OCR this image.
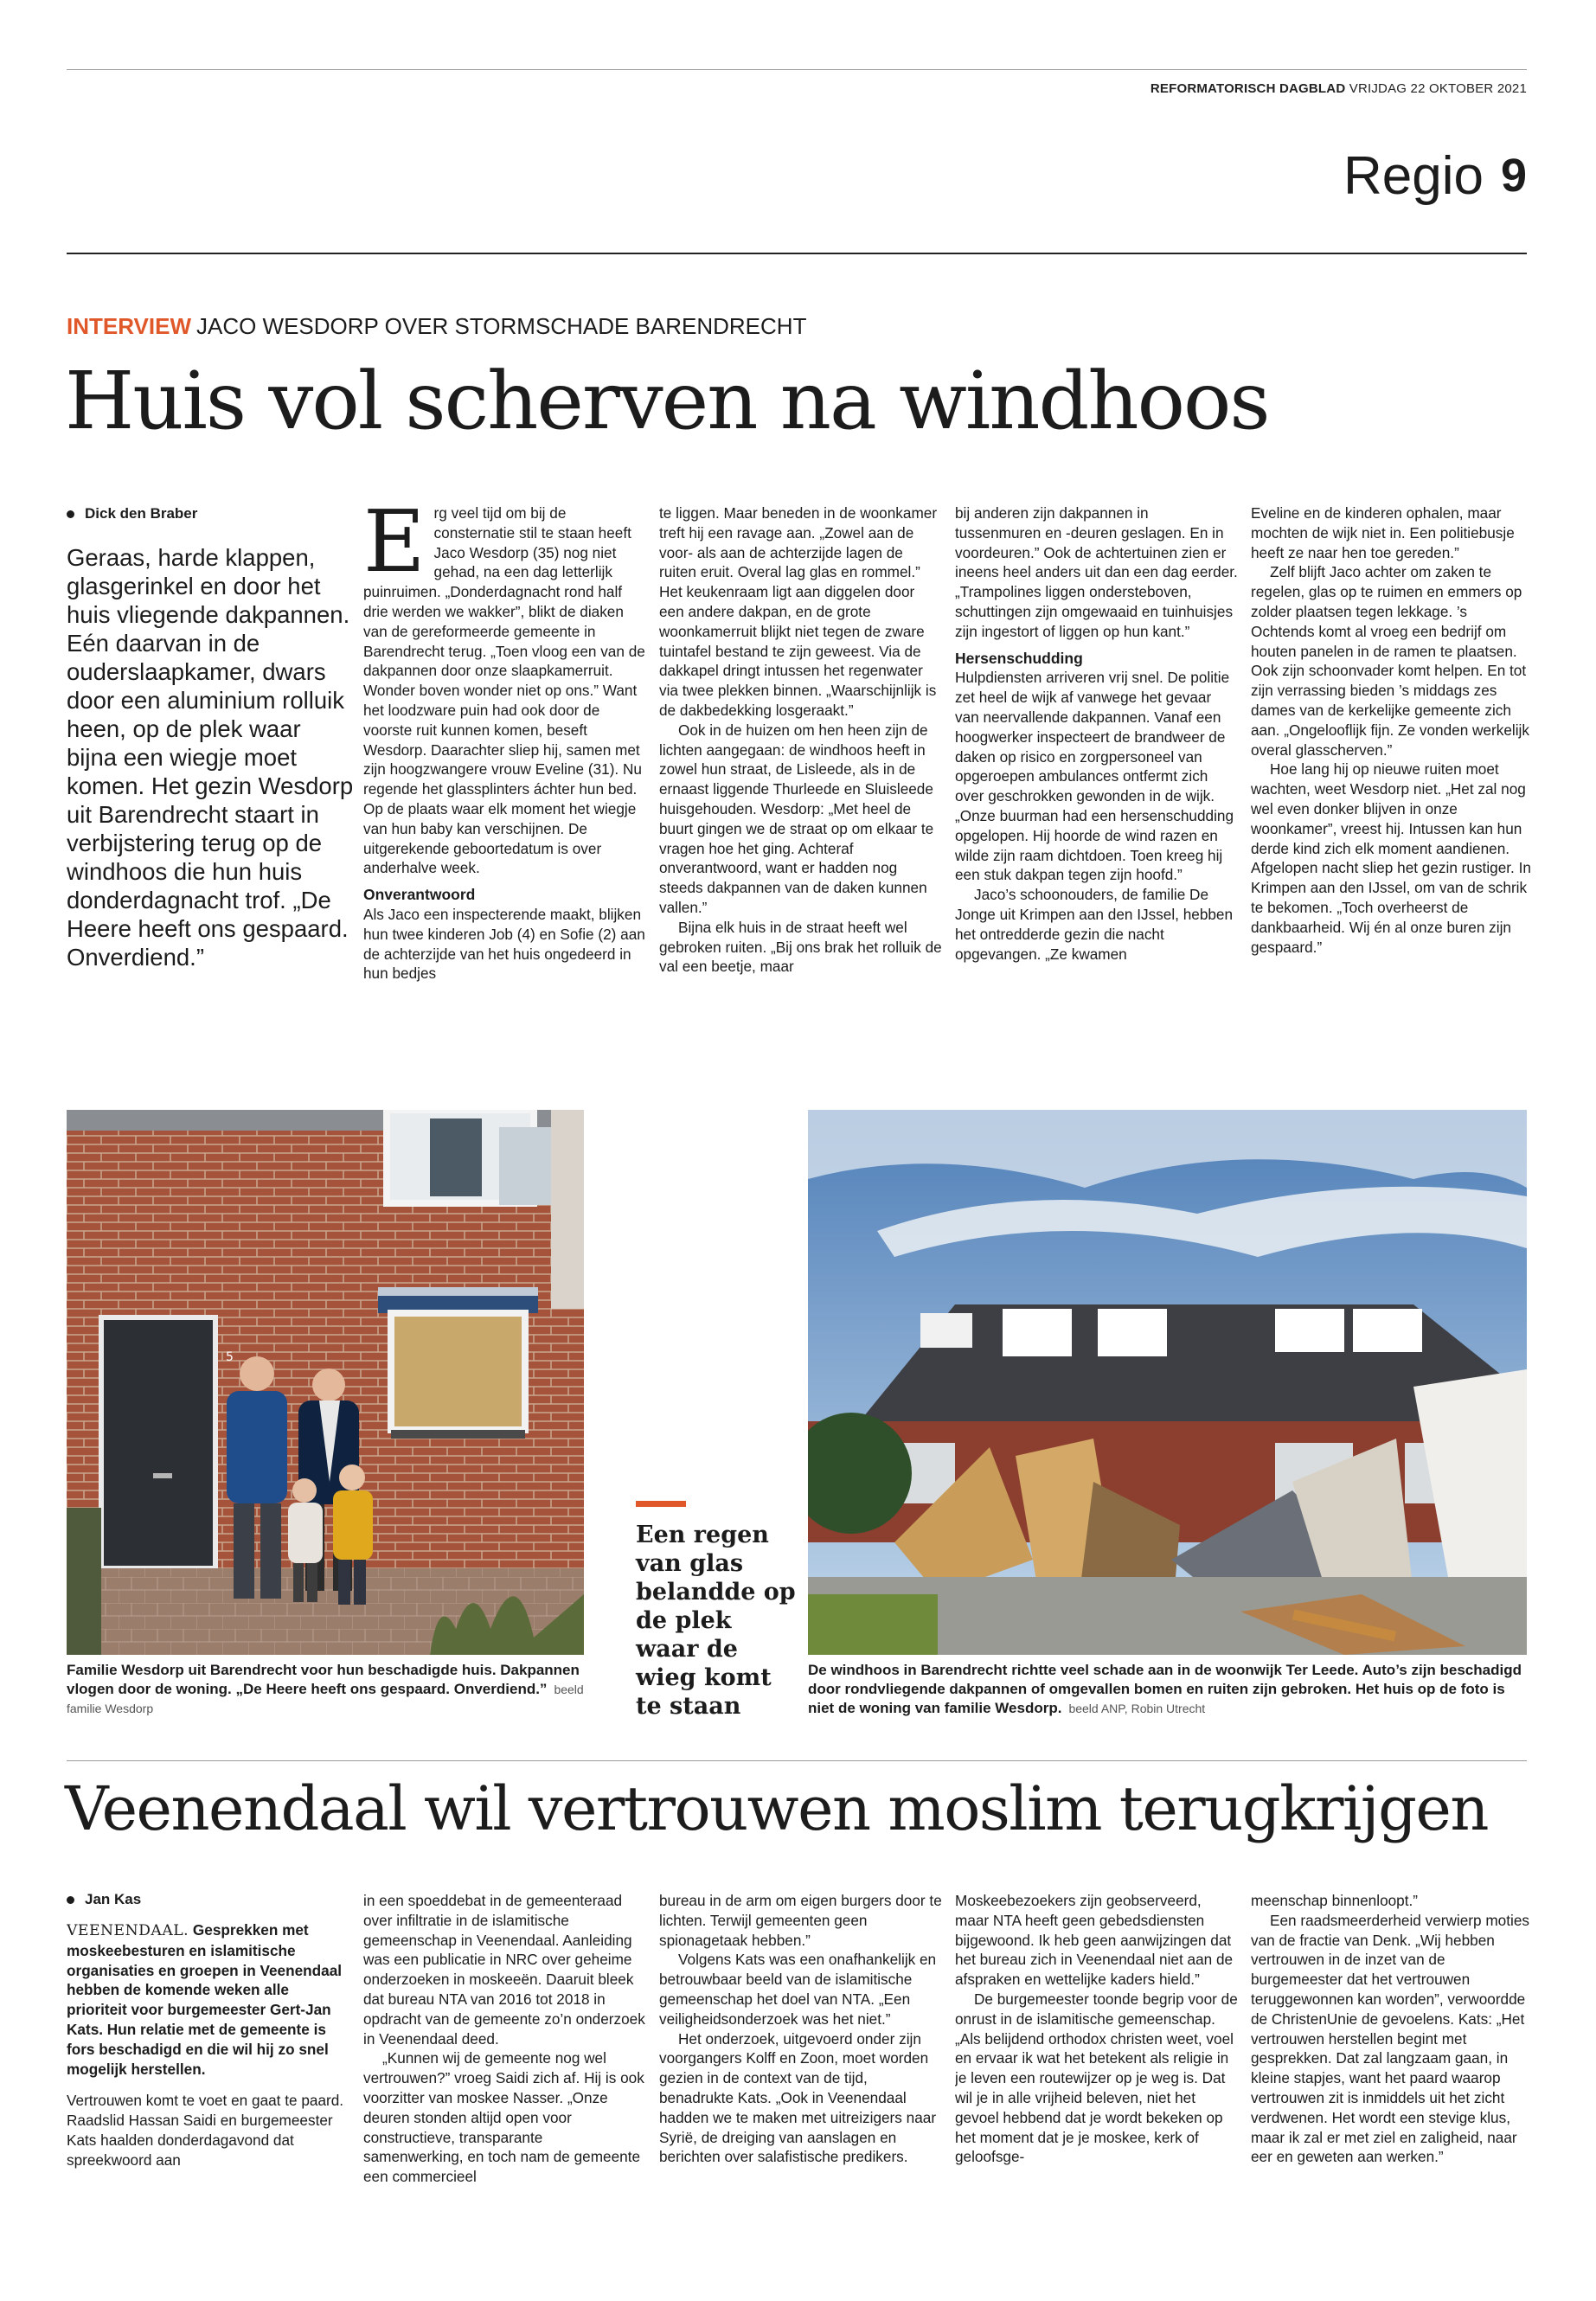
REFORMATORISCH DAGBLAD VRIJDAG 22 OKTOBER 2021
Regio 9
INTERVIEW JACO WESDORP OVER STORMSCHADE BARENDRECHT
Huis vol scherven na windhoos
Dick den Braber
Geraas, harde klappen, glasgerinkel en door het huis vliegende dakpannen. Eén daarvan in de ouderslaapkamer, dwars door een aluminium rolluik heen, op de plek waar bijna een wiegje moet komen. Het gezin Wesdorp uit Barendrecht staart in verbijstering terug op de windhoos die hun huis donderdagnacht trof. „De Heere heeft ons gespaard. Onverdiend.”
E rg veel tijd om bij de consternatie stil te staan heeft Jaco Wesdorp (35) nog niet gehad, na een dag letterlijk puinruimen. „Donderdagnacht rond half drie werden we wakker”, blikt de diaken van de gereformeerde gemeente in Barendrecht terug. „Toen vloog een van de dakpannen door onze slaapkamerruit. Wonder boven wonder niet op ons.” Want het loodzware puin had ook door de voorste ruit kunnen komen, beseft Wesdorp. Daarachter sliep hij, samen met zijn hoogzwangere vrouw Eveline (31). Nu regende het glassplinters áchter hun bed. Op de plaats waar elk moment het wiegje van hun baby kan verschijnen. De uitgerekende geboortedatum is over anderhalve week.

Onverantwoord

Als Jaco een inspecterende maakt, blijken hun twee kinderen Job (4) en Sofie (2) aan de achterzijde van het huis ongedeerd in hun bedjes

te liggen. Maar beneden in de woonkamer treft hij een ravage aan. „Zowel aan de voor- als aan de achterzijde lagen de ruiten eruit. Overal lag glas en rommel.” Het keukenraam ligt aan diggelen door een andere dakpan, en de grote woonkamerruit blijkt niet tegen de zware tuintafel bestand te zijn geweest. Via de dakkapel dringt intussen het regenwater via twee plekken binnen. „Waarschijnlijk is de dakbedekking losgeraakt.”

Ook in de huizen om hen heen zijn de lichten aangegaan: de windhoos heeft in zowel hun straat, de Lisleede, als in de ernaast liggende Thurleede en Sluisleede huisgehouden. Wesdorp: „Met heel de buurt gingen we de straat op om elkaar te vragen hoe het ging. Achteraf onverantwoord, want er hadden nog steeds dakpannen van de daken kunnen vallen.”

Bijna elk huis in de straat heeft wel gebroken ruiten. „Bij ons brak het rolluik de val een beetje, maar

bij anderen zijn dakpannen in tussenmuren en -deuren geslagen. En in voordeuren.” Ook de achtertuinen zien er ineens heel anders uit dan een dag eerder. „Trampolines liggen ondersteboven, schuttingen zijn omgewaaid en tuinhuisjes zijn ingestort of liggen op hun kant.”

Hersenschudding

Hulpdiensten arriveren vrij snel. De politie zet heel de wijk af vanwege het gevaar van neervallende dakpannen. Vanaf een hoogwerker inspecteert de brandweer de daken op risico en zorgpersoneel van opgeroepen ambulances ontfermt zich over geschrokken gewonden in de wijk. „Onze buurman had een hersenschudding opgelopen. Hij hoorde de wind razen en wilde zijn raam dichtdoen. Toen kreeg hij een stuk dakpan tegen zijn hoofd.”

Jaco’s schoonouders, de familie De Jonge uit Krimpen aan den IJssel, hebben het ontredderde gezin die nacht opgevangen. „Ze kwamen

Eveline en de kinderen ophalen, maar mochten de wijk niet in. Een politiebusje heeft ze naar hen toe gereden.”

Zelf blijft Jaco achter om zaken te regelen, glas op te ruimen en emmers op zolder plaatsen tegen lekkage. ’s Ochtends komt al vroeg een bedrijf om houten panelen in de ramen te plaatsen. Ook zijn schoonvader komt helpen. En tot zijn verrassing bieden ’s middags zes dames van de kerkelijke gemeente zich aan. „Ongelooflijk fijn. Ze vonden werkelijk overal glasscherven.”

Hoe lang hij op nieuwe ruiten moet wachten, weet Wesdorp niet. „Het zal nog wel even donker blijven in onze woonkamer”, vreest hij. Intussen kan hun derde kind zich elk moment aandienen. Afgelopen nacht sliep het gezin rustiger. In Krimpen aan den IJssel, om van de schrik te bekomen. „Toch overheerst de dankbaarheid. Wij én al onze buren zijn gespaard.”

5
Familie Wesdorp uit Barendrecht voor hun beschadigde huis. Dakpannen vlogen door de woning. „De Heere heeft ons gespaard. Onverdiend.” beeld familie Wesdorp
Een regen van glas belandde op de plek waar de wieg komt te staan
De windhoos in Barendrecht richtte veel schade aan in de woonwijk Ter Leede. Auto’s zijn beschadigd door rondvliegende dakpannen of omgevallen bomen en ruiten zijn gebroken. Het huis op de foto is niet de woning van familie Wesdorp. beeld ANP, Robin Utrecht
Veenendaal wil vertrouwen moslim terugkrijgen
Jan Kas

VEENENDAAL. Gesprekken met moskeebesturen en islamitische organisaties en groepen in Veenendaal hebben de komende weken alle prioriteit voor burgemeester Gert-Jan Kats. Hun relatie met de gemeente is fors beschadigd en die wil hij zo snel mogelijk herstellen.

Vertrouwen komt te voet en gaat te paard. Raadslid Hassan Saidi en burgemeester Kats haalden donderdagavond dat spreekwoord aan

in een spoeddebat in de gemeenteraad over infiltratie in de islamitische gemeenschap in Veenendaal. Aanleiding was een publicatie in NRC over geheime onderzoeken in moskeeën. Daaruit bleek dat bureau NTA van 2016 tot 2018 in opdracht van de gemeente zo’n onderzoek in Veenendaal deed.

„Kunnen wij de gemeente nog wel vertrouwen?” vroeg Saidi zich af. Hij is ook voorzitter van moskee Nasser. „Onze deuren stonden altijd open voor constructieve, transparante samenwerking, en toch nam de gemeente een commercieel

bureau in de arm om eigen burgers door te lichten. Terwijl gemeenten geen spionagetaak hebben.”

Volgens Kats was een onafhankelijk en betrouwbaar beeld van de islamitische gemeenschap het doel van NTA. „Een veiligheidsonderzoek was het niet.”

Het onderzoek, uitgevoerd onder zijn voorgangers Kolff en Zoon, moet worden gezien in de context van de tijd, benadrukte Kats. „Ook in Veenendaal hadden we te maken met uitreizigers naar Syrië, de dreiging van aanslagen en berichten over salafistische predikers.

Moskeebezoekers zijn geobserveerd, maar NTA heeft geen gebedsdiensten bijgewoond. Ik heb geen aanwijzingen dat het bureau zich in Veenendaal niet aan de afspraken en wettelijke kaders hield.”

De burgemeester toonde begrip voor de onrust in de islamitische gemeenschap. „Als belijdend orthodox christen weet, voel en ervaar ik wat het betekent als religie in je leven een routewijzer op je weg is. Dat wil je in alle vrijheid beleven, niet het gevoel hebbend dat je wordt bekeken op het moment dat je je moskee, kerk of geloofsge-

meenschap binnenloopt.”

Een raadsmeerderheid verwierp moties van de fractie van Denk. „Wij hebben vertrouwen in de inzet van de burgemeester dat het vertrouwen teruggewonnen kan worden”, verwoordde de ChristenUnie de gevoelens. Kats: „Het vertrouwen herstellen begint met gesprekken. Dat zal langzaam gaan, in kleine stapjes, want het paard waarop vertrouwen zit is inmiddels uit het zicht verdwenen. Het wordt een stevige klus, maar ik zal er met ziel en zaligheid, naar eer en geweten aan werken.”
